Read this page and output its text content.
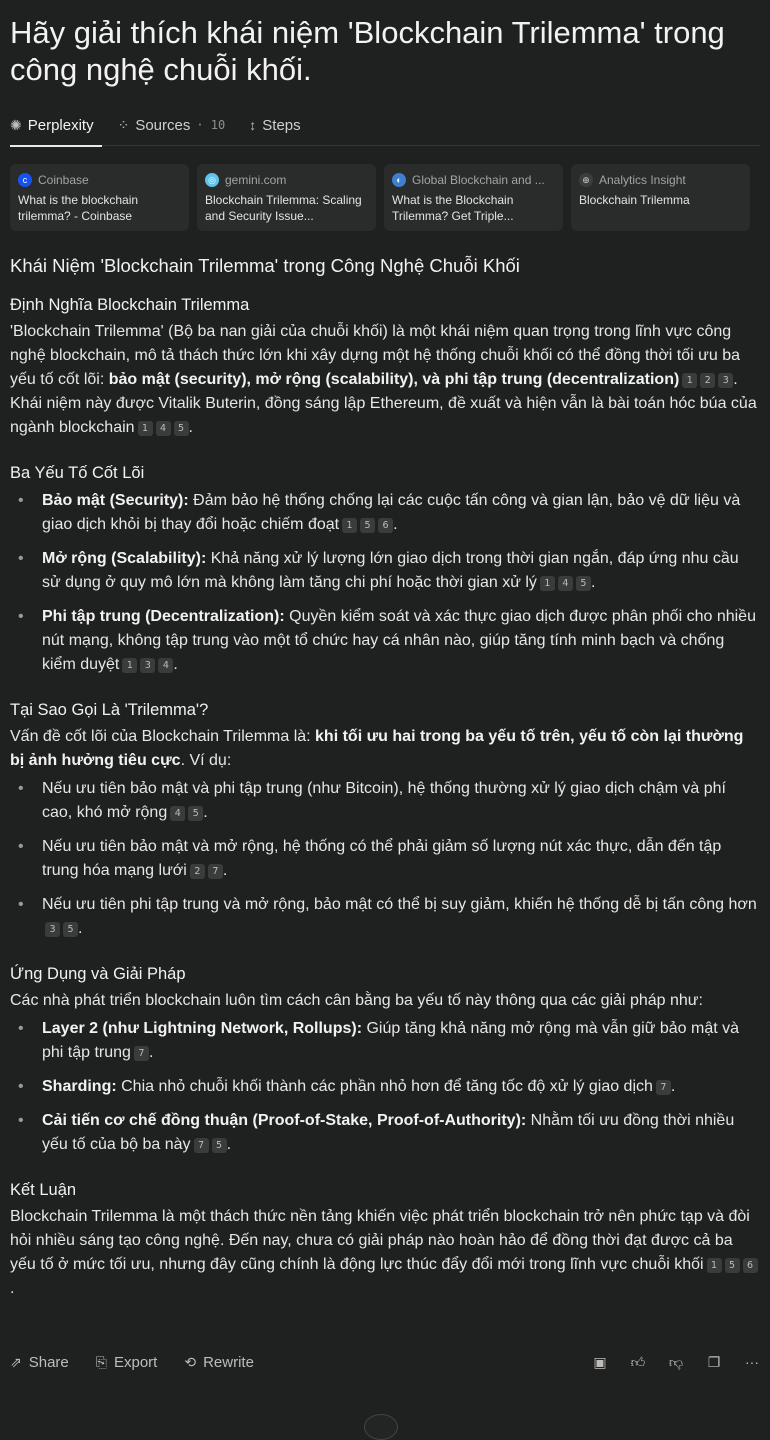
Hãy giải thích khái niệm 'Blockchain Trilemma' trong công nghệ chuỗi khối.
✺ Perplexity ⁘ Sources · 10 ↕ Steps
c Coinbase
What is the blockchain trilemma? - Coinbase
◎ gemini.com
Blockchain Trilemma: Scaling and Security Issue...
◐ Global Blockchain and ...
What is the Blockchain Trilemma? Get Triple...
⊕ Analytics Insight
Blockchain Trilemma
Khái Niệm 'Blockchain Trilemma' trong Công Nghệ Chuỗi Khối
Định Nghĩa Blockchain Trilemma

'Blockchain Trilemma' (Bộ ba nan giải của chuỗi khối) là một khái niệm quan trọng trong lĩnh vực công nghệ blockchain, mô tả thách thức lớn khi xây dựng một hệ thống chuỗi khối có thể đồng thời tối ưu ba yếu tố cốt lõi: bảo mật (security), mở rộng (scalability), và phi tập trung (decentralization) 1 2 3 . Khái niệm này được Vitalik Buterin, đồng sáng lập Ethereum, đề xuất và hiện vẫn là bài toán hóc búa của ngành blockchain 1 4 5 .

Ba Yếu Tố Cốt Lõi
• Bảo mật (Security): Đảm bảo hệ thống chống lại các cuộc tấn công và gian lận, bảo vệ dữ liệu và giao dịch khỏi bị thay đổi hoặc chiếm đoạt 1 5 6 .
• Mở rộng (Scalability): Khả năng xử lý lượng lớn giao dịch trong thời gian ngắn, đáp ứng nhu cầu sử dụng ở quy mô lớn mà không làm tăng chi phí hoặc thời gian xử lý 1 4 5 .
• Phi tập trung (Decentralization): Quyền kiểm soát và xác thực giao dịch được phân phối cho nhiều nút mạng, không tập trung vào một tổ chức hay cá nhân nào, giúp tăng tính minh bạch và chống kiểm duyệt 1 3 4 .
Tại Sao Gọi Là 'Trilemma'?

Vấn đề cốt lõi của Blockchain Trilemma là: khi tối ưu hai trong ba yếu tố trên, yếu tố còn lại thường bị ảnh hưởng tiêu cực. Ví dụ:

• Nếu ưu tiên bảo mật và phi tập trung (như Bitcoin), hệ thống thường xử lý giao dịch chậm và phí cao, khó mở rộng 4 5 .
• Nếu ưu tiên bảo mật và mở rộng, hệ thống có thể phải giảm số lượng nút xác thực, dẫn đến tập trung hóa mạng lưới 2 7 .
• Nếu ưu tiên phi tập trung và mở rộng, bảo mật có thể bị suy giảm, khiến hệ thống dễ bị tấn công hơn3 5 .
Ứng Dụng và Giải Pháp

Các nhà phát triển blockchain luôn tìm cách cân bằng ba yếu tố này thông qua các giải pháp như:

• Layer 2 (như Lightning Network, Rollups): Giúp tăng khả năng mở rộng mà vẫn giữ bảo mật và phi tập trung 7 .
• Sharding: Chia nhỏ chuỗi khối thành các phần nhỏ hơn để tăng tốc độ xử lý giao dịch 7 .
• Cải tiến cơ chế đồng thuận (Proof-of-Stake, Proof-of-Authority): Nhằm tối ưu đồng thời nhiều yếu tố của bộ ba này 7 5 .
Kết Luận

Blockchain Trilemma là một thách thức nền tảng khiến việc phát triển blockchain trở nên phức tạp và đòi hỏi nhiều sáng tạo công nghệ. Đến nay, chưa có giải pháp nào hoàn hảo để đồng thời đạt được cả ba yếu tố ở mức tối ưu, nhưng đây cũng chính là động lực thúc đẩy đổi mới trong lĩnh vực chuỗi khối 1 5 6.

⇗ Share ⎘ Export ⟲ Rewrite	▣ 👍︎ 👎︎ ❐ ···
